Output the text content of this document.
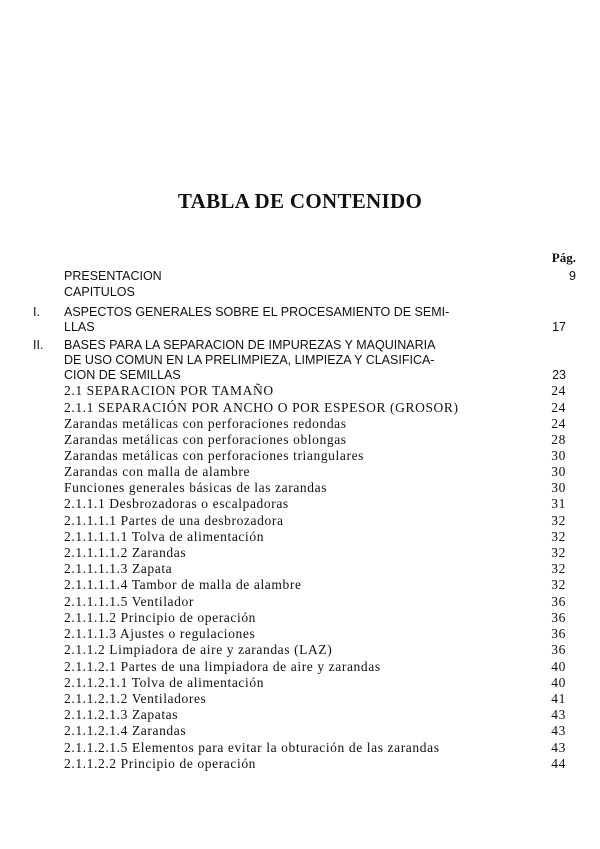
TABLA DE CONTENIDO
Pág.
PRESENTACION	9
CAPITULOS
I. ASPECTOS GENERALES SOBRE EL PROCESAMIENTO DE SEMI-
LLAS	17
II. BASES PARA LA SEPARACION DE IMPUREZAS Y MAQUINARIA
DE USO COMUN EN LA PRELIMPIEZA, LIMPIEZA Y CLASIFICA-
CION DE SEMILLAS	23
2.1 SEPARACION POR TAMAÑO	24
2.1.1 SEPARACIÓN POR ANCHO O POR ESPESOR (GROSOR)	24
Zarandas metálicas con perforaciones redondas	24
Zarandas metálicas con perforaciones oblongas	28
Zarandas metálicas con perforaciones triangulares	30
Zarandas con malla de alambre	30
Funciones generales básicas de las zarandas	30
2.1.1.1 Desbrozadoras o escalpadoras	31
2.1.1.1.1 Partes de una desbrozadora	32
2.1.1.1.1.1 Tolva de alimentación	32
2.1.1.1.1.2 Zarandas	32
2.1.1.1.1.3 Zapata	32
2.1.1.1.1.4 Tambor de malla de alambre	32
2.1.1.1.1.5 Ventilador	36
2.1.1.1.2 Principio de operación	36
2.1.1.1.3 Ajustes o regulaciones	36
2.1.1.2 Limpiadora de aire y zarandas (LAZ)	36
2.1.1.2.1 Partes de una limpiadora de aire y zarandas	40
2.1.1.2.1.1 Tolva de alimentación	40
2.1.1.2.1.2 Ventiladores	41
2.1.1.2.1.3 Zapatas	43
2.1.1.2.1.4 Zarandas	43
2.1.1.2.1.5 Elementos para evitar la obturación de las zarandas	43
2.1.1.2.2 Principio de operación	44
